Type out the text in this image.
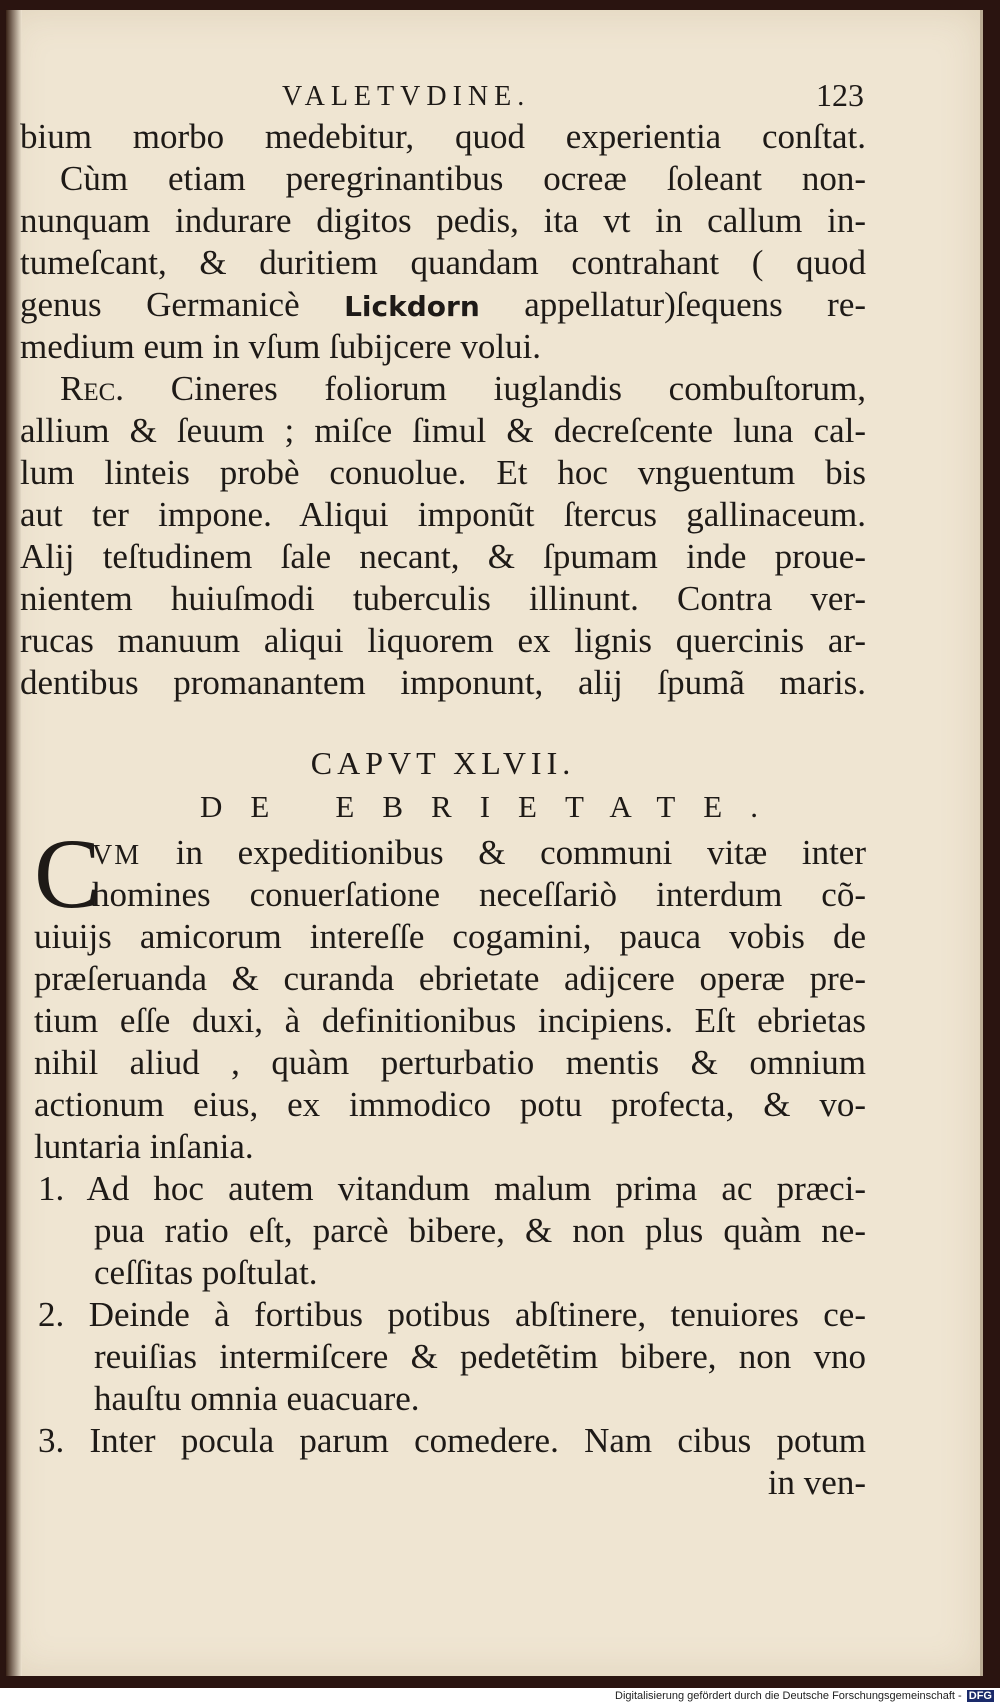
VALETVDINE.	123
bium morbo medebitur, quod experientia conſtat.
Cùm etiam peregrinantibus ocreæ ſoleant non-
nunquam indurare digitos pedis, ita vt in callum in-
tumeſcant, & duritiem quandam contrahant ( quod
genus Germanicè Lickdorn appellatur)ſequens re-
medium eum in vſum ſubijcere volui.
Rec. Cineres foliorum iuglandis combuſtorum,
allium & ſeuum ; miſce ſimul & decreſcente luna cal-
lum linteis probè conuolue. Et hoc vnguentum bis
aut ter impone. Aliqui imponũt ſtercus gallinaceum.
Alij teſtudinem ſale necant, & ſpumam inde proue-
nientem huiuſmodi tuberculis illinunt. Contra ver-
rucas manuum aliqui liquorem ex lignis quercinis ar-
dentibus promanantem imponunt, alij ſpumã maris.
CAPVT XLVII.
DE EBRIETATE.
C
VM in expeditionibus & communi vitæ inter
homines conuerſatione neceſſariò interdum cõ-
uiuijs amicorum intereſſe cogamini, pauca vobis de
præſeruanda & curanda ebrietate adijcere operæ pre-
tium eſſe duxi, à definitionibus incipiens. Eſt ebrietas
nihil aliud , quàm perturbatio mentis & omnium
actionum eius, ex immodico potu profecta, & vo-
luntaria inſania.
1. Ad hoc autem vitandum malum prima ac præci-
pua ratio eſt, parcè bibere, & non plus quàm ne-
ceſſitas poſtulat.
2. Deinde à fortibus potibus abſtinere, tenuiores ce-
reuiſias intermiſcere & pedetẽtim bibere, non vno
hauſtu omnia euacuare.
3. Inter pocula parum comedere. Nam cibus potum
in ven-
Digitalisierung gefördert durch die Deutsche Forschungsgemeinschaft - DFG
